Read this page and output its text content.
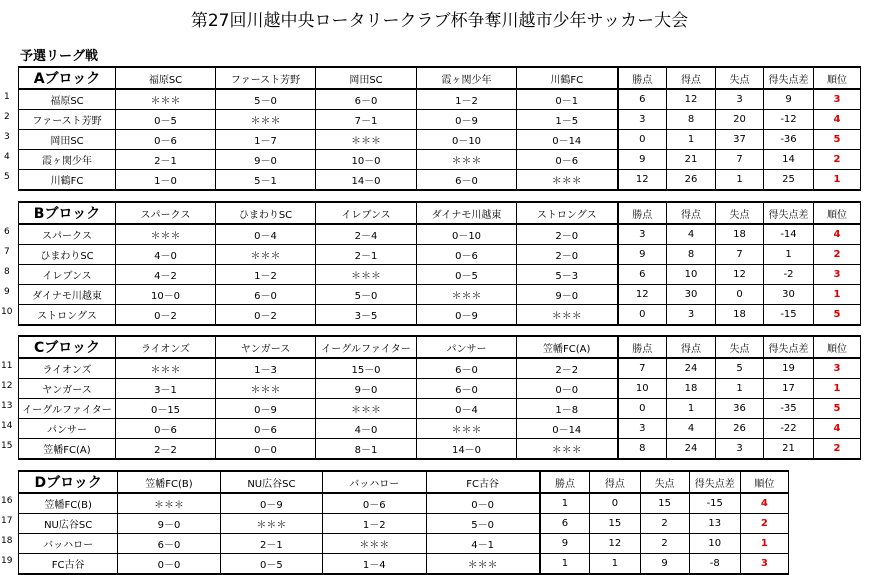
第27回川越中央ロータリークラブ杯争奪川越市少年サッカー大会
予選リーグ戦
Aブロック	福原SC	ファースト芳野	岡田SC	霞ヶ関少年	川鶴FC	勝点	得点	失点	得失点差	順位
福原SC	＊＊＊	5－0	6－0	1－2	0－1	6	12	3	9	3
ファースト芳野	0－5	＊＊＊	7－1	0－9	1－5	3	8	20	-12	4
岡田SC	0－6	1－7	＊＊＊	0－10	0－14	0	1	37	-36	5
霞ヶ関少年	2－1	9－0	10－0	＊＊＊	0－6	9	21	7	14	2
川鶴FC	1－0	5－1	14－0	6－0	＊＊＊	12	26	1	25	1
Bブロック	スパークス	ひまわりSC	イレブンス	ダイナモ川越東	ストロングス	勝点	得点	失点	得失点差	順位
スパークス	＊＊＊	0－4	2－4	0－10	2－0	3	4	18	-14	4
ひまわりSC	4－0	＊＊＊	2－1	0－6	2－0	9	8	7	1	2
イレブンス	4－2	1－2	＊＊＊	0－5	5－3	6	10	12	-2	3
ダイナモ川越東	10－0	6－0	5－0	＊＊＊	9－0	12	30	0	30	1
ストロングス	0－2	0－2	3－5	0－9	＊＊＊	0	3	18	-15	5
Cブロック	ライオンズ	ヤンガース	イーグルファイター	パンサー	笠幡FC(A)	勝点	得点	失点	得失点差	順位
ライオンズ	＊＊＊	1－3	15－0	6－0	2－2	7	24	5	19	3
ヤンガース	3－1	＊＊＊	9－0	6－0	0－0	10	18	1	17	1
イーグルファイター	0－15	0－9	＊＊＊	0－4	1－8	0	1	36	-35	5
パンサー	0－6	0－6	4－0	＊＊＊	0－14	3	4	26	-22	4
笠幡FC(A)	2－2	0－0	8－1	14－0	＊＊＊	8	24	3	21	2
Dブロック	笠幡FC(B)	NU広谷SC	バッハロー	FC古谷	勝点	得点	失点	得失点差	順位
笠幡FC(B)	＊＊＊	0－9	0－6	0－0	1	0	15	-15	4
NU広谷SC	9－0	＊＊＊	1－2	5－0	6	15	2	13	2
バッハロー	6－0	2－1	＊＊＊	4－1	9	12	2	10	1
FC古谷	0－0	0－5	1－4	＊＊＊	1	1	9	-8	3
1
2
3
4
5
6
7
8
9
10
11
12
13
14
15
16
17
18
19
